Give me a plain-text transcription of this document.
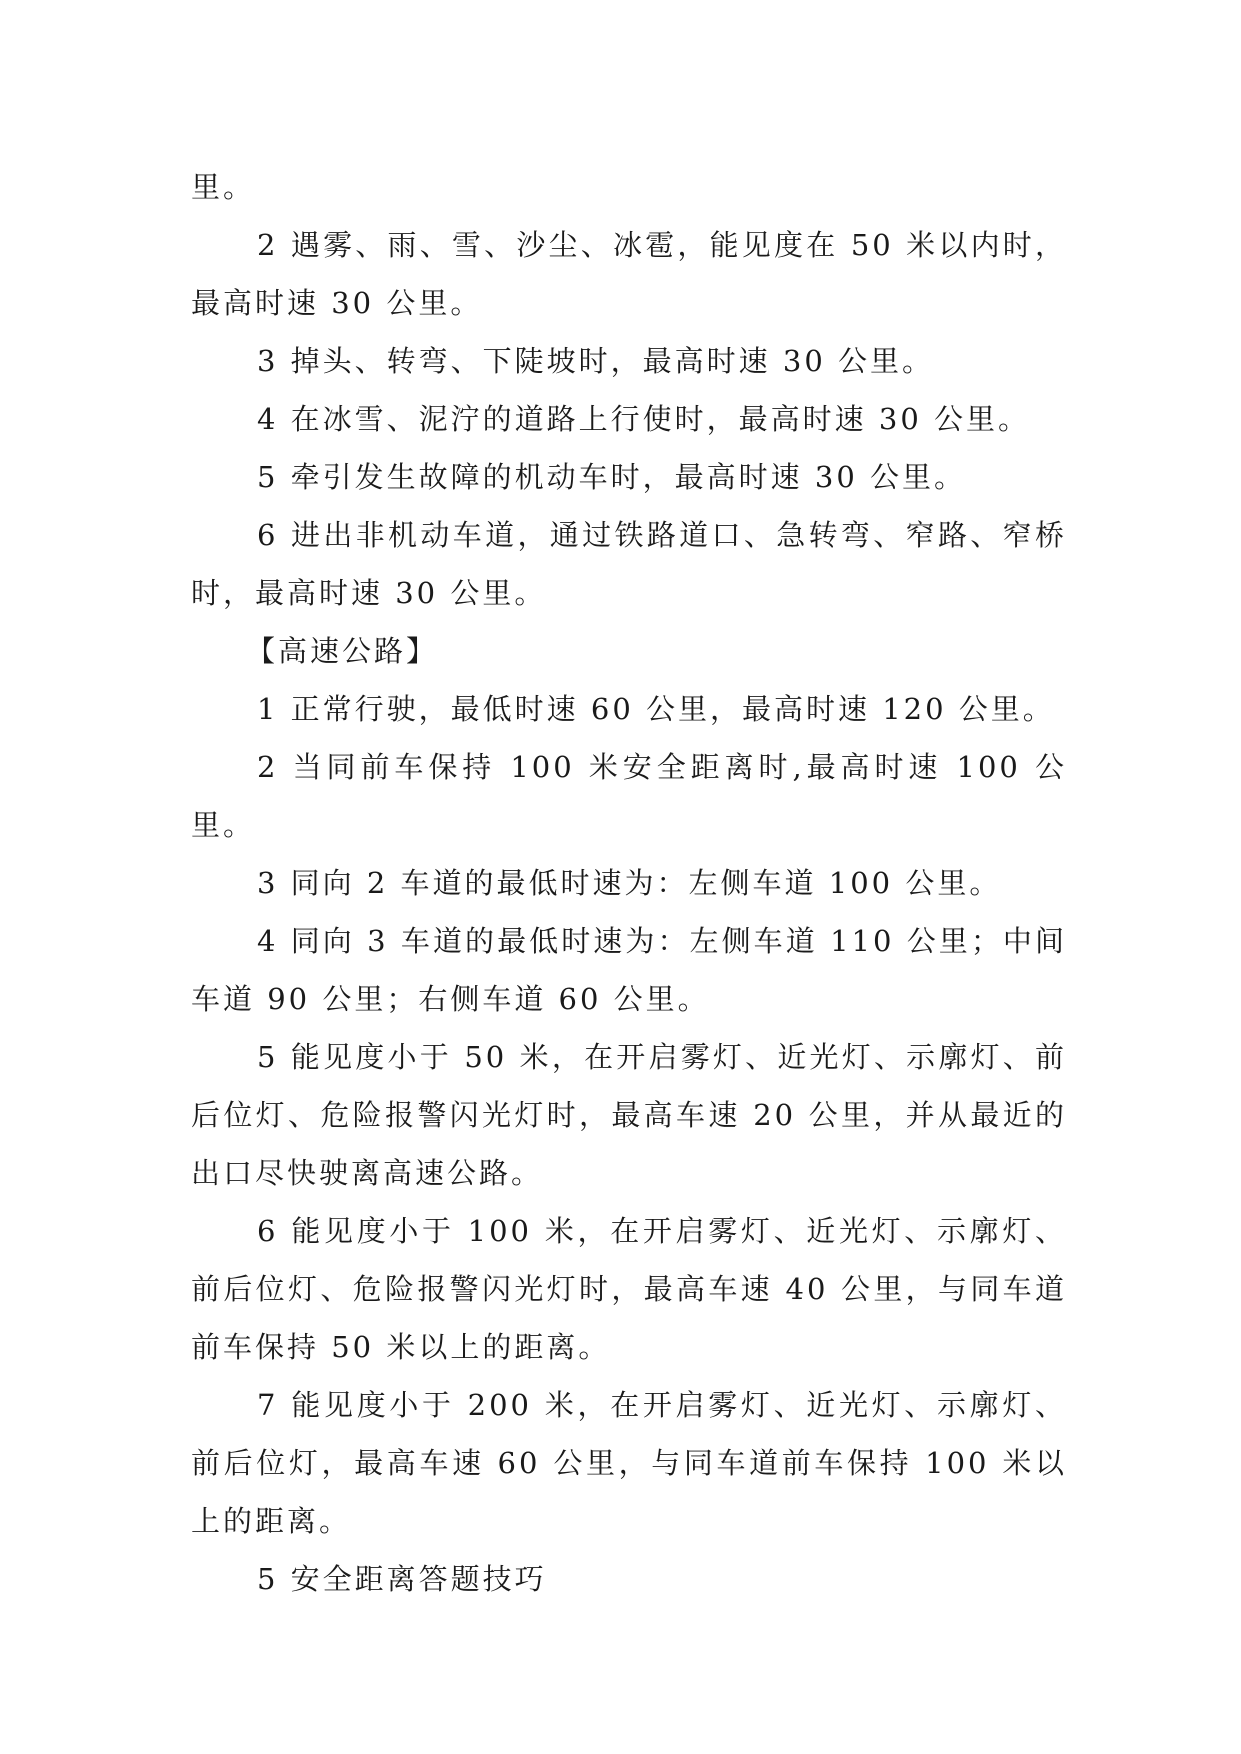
里。

2 遇雾、雨、雪、沙尘、冰雹，能见度在 50 米以内时，最高时速 30 公里。

3 掉头、转弯、下陡坡时，最高时速 30 公里。

4 在冰雪、泥泞的道路上行使时，最高时速 30 公里。

5 牵引发生故障的机动车时，最高时速 30 公里。

6 进出非机动车道，通过铁路道口、急转弯、窄路、窄桥时，最高时速 30 公里。

【高速公路】

1 正常行驶，最低时速 60 公里，最高时速 120 公里。

2 当同前车保持 100 米安全距离时,最高时速 100 公里。

3 同向 2 车道的最低时速为：左侧车道 100 公里。

4 同向 3 车道的最低时速为：左侧车道 110 公里；中间车道 90 公里；右侧车道 60 公里。

5 能见度小于 50 米，在开启雾灯、近光灯、示廓灯、前后位灯、危险报警闪光灯时，最高车速 20 公里，并从最近的出口尽快驶离高速公路。

6 能见度小于 100 米，在开启雾灯、近光灯、示廓灯、前后位灯、危险报警闪光灯时，最高车速 40 公里，与同车道前车保持 50 米以上的距离。

7 能见度小于 200 米，在开启雾灯、近光灯、示廓灯、前后位灯，最高车速 60 公里，与同车道前车保持 100 米以上的距离。

5 安全距离答题技巧
